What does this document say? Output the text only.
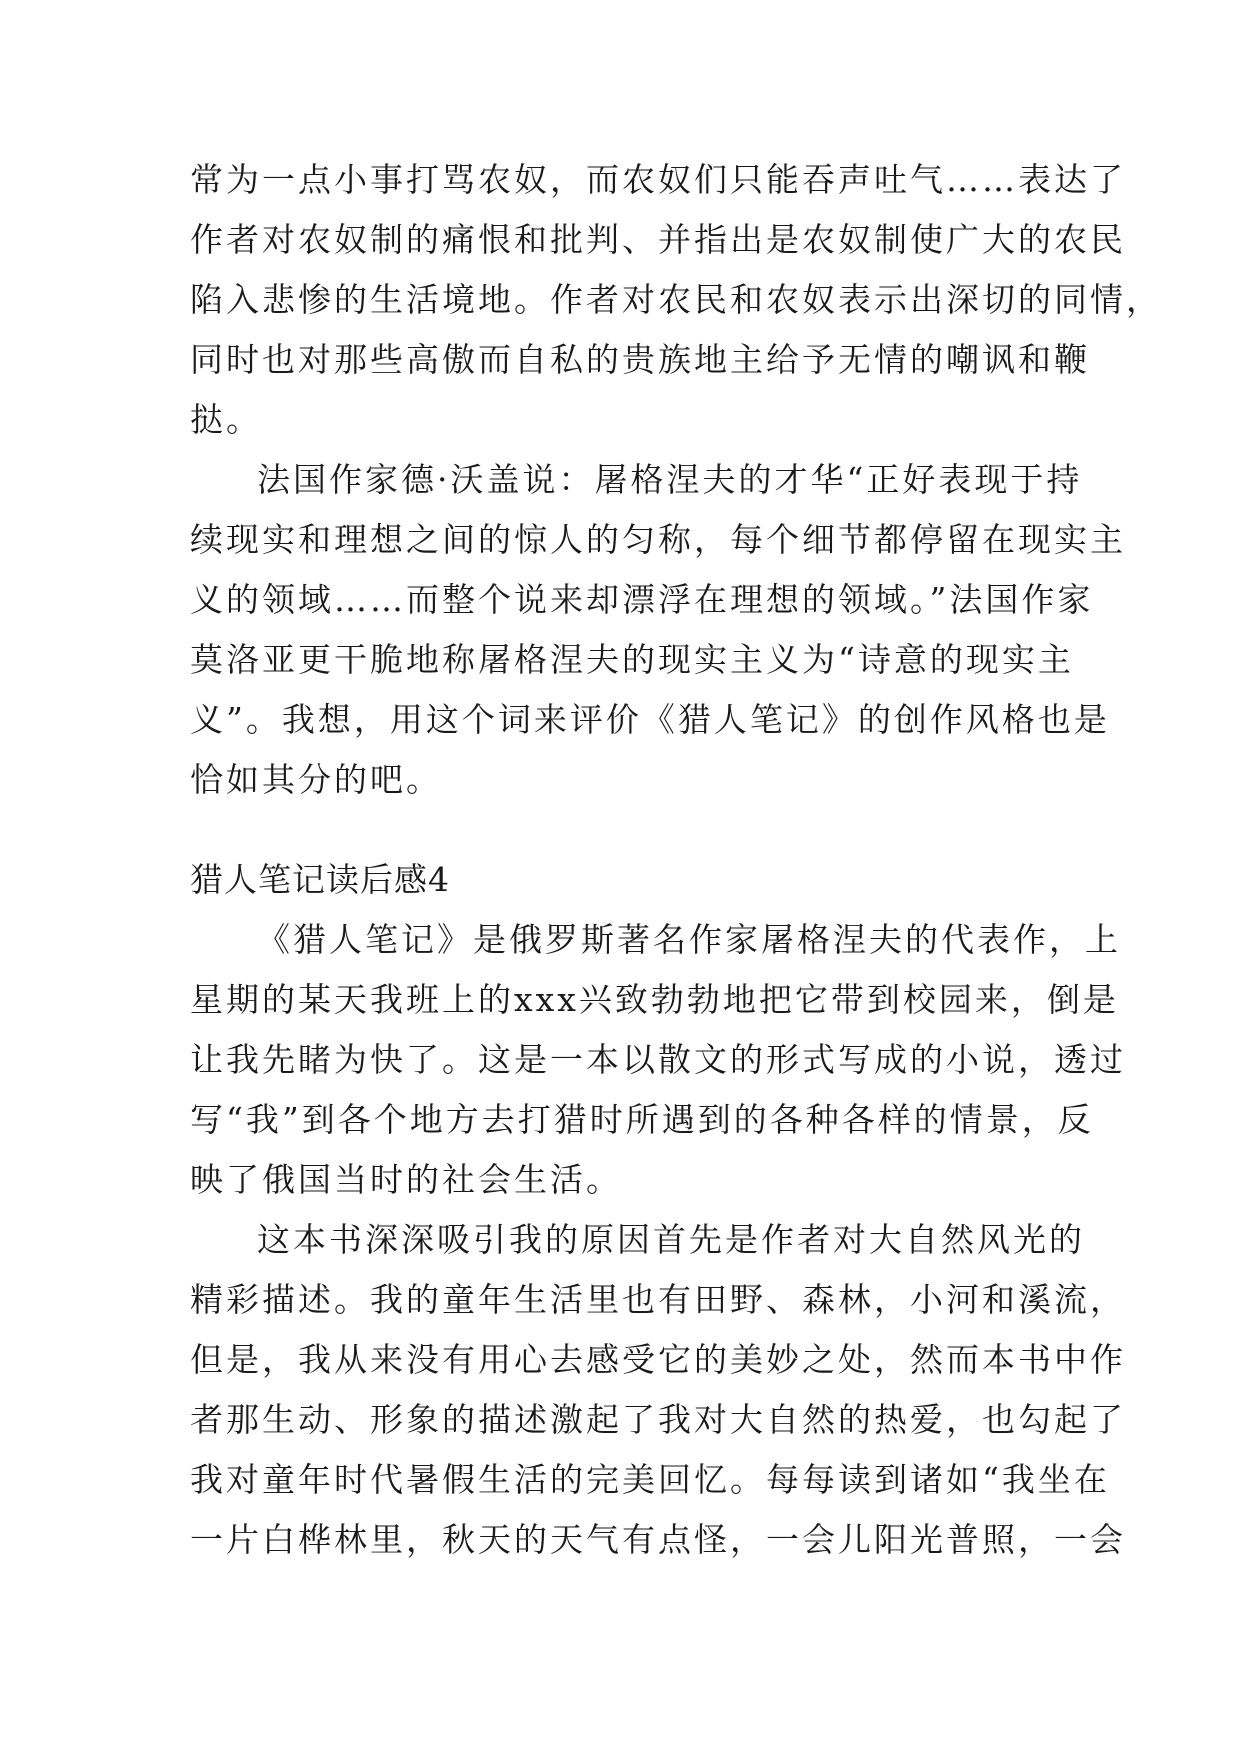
常为一点小事打骂农奴，而农奴们只能吞声吐气……表达了
作者对农奴制的痛恨和批判、并指出是农奴制使广大的农民
陷入悲惨的生活境地。作者对农民和农奴表示出深切的同情，
同时也对那些高傲而自私的贵族地主给予无情的嘲讽和鞭
挞。
法国作家德·沃盖说：屠格涅夫的才华“正好表现于持
续现实和理想之间的惊人的匀称，每个细节都停留在现实主
义的领域……而整个说来却漂浮在理想的领域。”法国作家
莫洛亚更干脆地称屠格涅夫的现实主义为“诗意的现实主
义”。我想，用这个词来评价《猎人笔记》的创作风格也是
恰如其分的吧。
猎人笔记读后感4
《猎人笔记》是俄罗斯著名作家屠格涅夫的代表作，上
星期的某天我班上的xxx兴致勃勃地把它带到校园来，倒是
让我先睹为快了。这是一本以散文的形式写成的小说，透过
写“我”到各个地方去打猎时所遇到的各种各样的情景，反
映了俄国当时的社会生活。
这本书深深吸引我的原因首先是作者对大自然风光的
精彩描述。我的童年生活里也有田野、森林，小河和溪流，
但是，我从来没有用心去感受它的美妙之处，然而本书中作
者那生动、形象的描述激起了我对大自然的热爱，也勾起了
我对童年时代暑假生活的完美回忆。每每读到诸如“我坐在
一片白桦林里，秋天的天气有点怪，一会儿阳光普照，一会
